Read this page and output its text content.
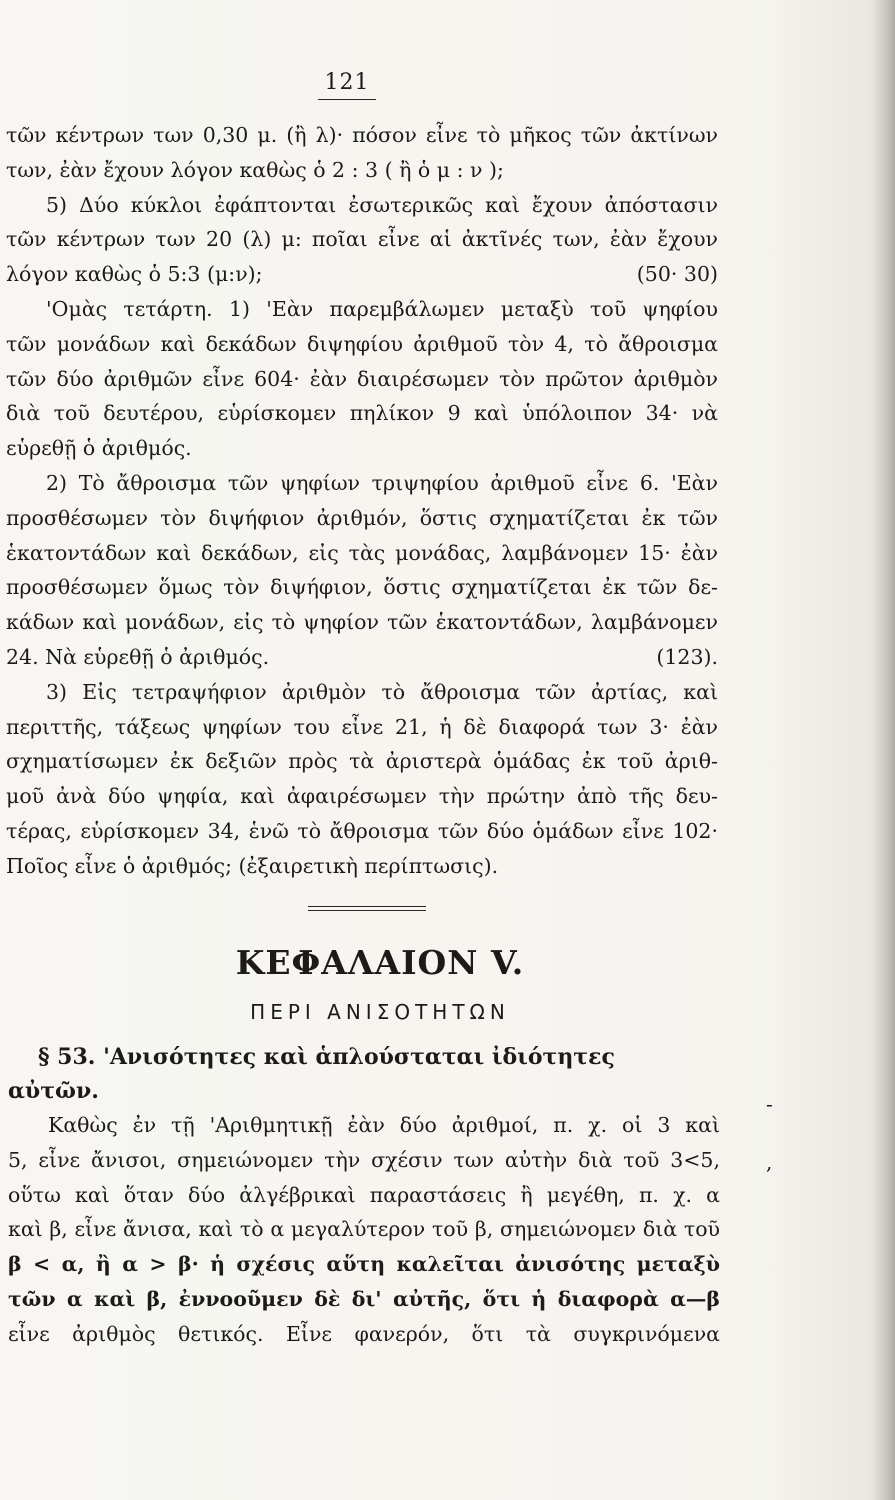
121
τῶν κέντρων των 0,30 μ. (ἢ λ)· πόσον εἶνε τὸ μῆκος τῶν ἀκτίνων
των, ἐὰν ἔχουν λόγον καθὼς ὁ 2 : 3 ( ἢ ὁ μ : ν );
5) Δύο κύκλοι ἐφάπτονται ἐσωτερικῶς καὶ ἔχουν ἀπόστασιν
τῶν κέντρων των 20 (λ) μ: ποῖαι εἶνε αἱ ἀκτῖνές των, ἐὰν ἔχουν
λόγον καθὼς ὁ 5:3 (μ:ν);	(50· 30)
'Ομὰς τετάρτη. 1) 'Εὰν παρεμβάλωμεν μεταξὺ τοῦ ψηφίου
τῶν μονάδων καὶ δεκάδων διψηφίου ἀριθμοῦ τὸν 4, τὸ ἄθροισμα
τῶν δύο ἀριθμῶν εἶνε 604· ἐὰν διαιρέσωμεν τὸν πρῶτον ἀριθμὸν
διὰ τοῦ δευτέρου, εὑρίσκομεν πηλίκον 9 καὶ ὑπόλοιπον 34· νὰ
εὑρεθῇ ὁ ἀριθμός.
2) Τὸ ἄθροισμα τῶν ψηφίων τριψηφίου ἀριθμοῦ εἶνε 6. 'Εὰν
προσθέσωμεν τὸν διψήφιον ἀριθμόν, ὅστις σχηματίζεται ἐκ τῶν
ἑκατοντάδων καὶ δεκάδων, εἰς τὰς μονάδας, λαμβάνομεν 15· ἐὰν
προσθέσωμεν ὅμως τὸν διψήφιον, ὅστις σχηματίζεται ἐκ τῶν δε-
κάδων καὶ μονάδων, εἰς τὸ ψηφίον τῶν ἑκατοντάδων, λαμβάνομεν
24. Νὰ εὑρεθῇ ὁ ἀριθμός.	(123).
3) Εἰς τετραψήφιον ἀριθμὸν τὸ ἄθροισμα τῶν ἀρτίας, καὶ
περιττῆς, τάξεως ψηφίων του εἶνε 21, ἡ δὲ διαφορά των 3· ἐὰν
σχηματίσωμεν ἐκ δεξιῶν πρὸς τὰ ἀριστερὰ ὁμάδας ἐκ τοῦ ἀριθ-
μοῦ ἀνὰ δύο ψηφία, καὶ ἀφαιρέσωμεν τὴν πρώτην ἀπὸ τῆς δευ-
τέρας, εὑρίσκομεν 34, ἑνῶ τὸ ἄθροισμα τῶν δύο ὁμάδων εἶνε 102·
Ποῖος εἶνε ὁ ἀριθμός; (ἐξαιρετικὴ περίπτωσις).
ΚΕΦΑΛΑΙΟΝ V.
ΠΕΡΙ ΑΝΙΣΟΤΗΤΩΝ
§ 53. 'Ανισότητες καὶ ἁπλούσταται ἰδιότητες
αὐτῶν.
Καθὼς ἐν τῇ 'Αριθμητικῇ ἐὰν δύο ἀριθμοί, π. χ. οἱ 3 καὶ
5, εἶνε ἄνισοι, σημειώνομεν τὴν σχέσιν των αὐτὴν διὰ τοῦ 3<5,
οὕτω καὶ ὅταν δύο ἀλγέβρικαὶ παραστάσεις ἢ μεγέθη, π. χ. α
καὶ β, εἶνε ἄνισα, καὶ τὸ α μεγαλύτερον τοῦ β, σημειώνομεν διὰ τοῦ
β < α, ἢ α > β· ἡ σχέσις αὕτη καλεῖται ἀνισότης μεταξὺ
τῶν α καὶ β, ἐννοοῦμεν δὲ δι' αὐτῆς, ὅτι ἡ διαφορὰ α—β
εἶνε ἀριθμὸς θετικός. Εἶνε φανερόν, ὅτι τὰ συγκρινόμενα
-
,
